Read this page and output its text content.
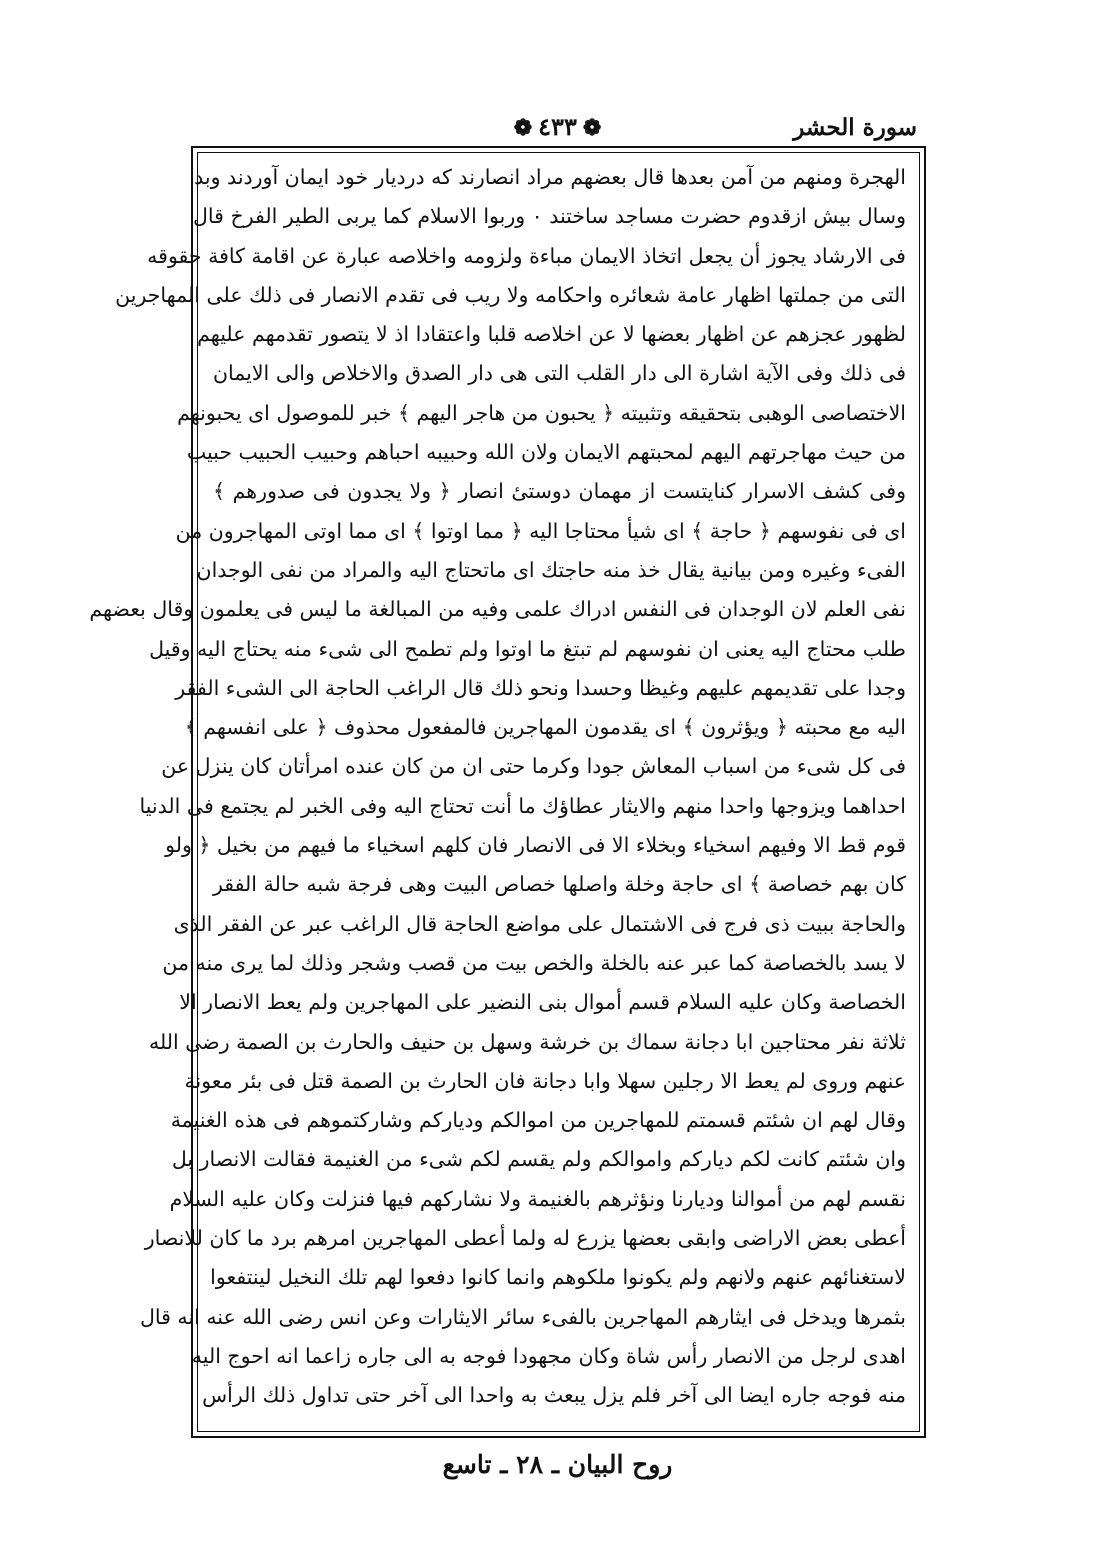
❁٤٣٣❁	سورة الحشر
الهجرة ومنهم من آمن بعدها قال بعضهم مراد انصارند كه درديار خود ايمان آوردند وبد
وسال بيش ازقدوم حضرت مساجد ساختند ٠ وربوا الاسلام كما يربى الطير الفرخ قال
فى الارشاد يجوز أن يجعل اتخاذ الايمان مباءة ولزومه واخلاصه عبارة عن اقامة كافة حقوقه
التى من جملتها اظهار عامة شعائره واحكامه ولا ريب فى تقدم الانصار فى ذلك على المهاجرين
لظهور عجزهم عن اظهار بعضها لا عن اخلاصه قلبا واعتقادا اذ لا يتصور تقدمهم عليهم
فى ذلك وفى الآية اشارة الى دار القلب التى هى دار الصدق والاخلاص والى الايمان
الاختصاصى الوهبى بتحقيقه وتثبيته ﴿ يحبون من هاجر اليهم ﴾ خبر للموصول اى يحبونهم
من حيث مهاجرتهم اليهم لمحبتهم الايمان ولان الله وحبيبه احباهم وحبيب الحبيب حبيب
وفى كشف الاسرار كنايتست از مهمان دوستىٔ انصار ﴿ ولا يجدون فى صدورهم ﴾
اى فى نفوسهم ﴿ حاجة ﴾ اى شيأ محتاجا اليه ﴿ مما اوتوا ﴾ اى مما اوتى المهاجرون من
الفىء وغيره ومن بيانية يقال خذ منه حاجتك اى ماتحتاج اليه والمراد من نفى الوجدان
نفى العلم لان الوجدان فى النفس ادراك علمى وفيه من المبالغة ما ليس فى يعلمون وقال بعضهم
طلب محتاج اليه يعنى ان نفوسهم لم تبتغ ما اوتوا ولم تطمح الى شىء منه يحتاج اليه وقيل
وجدا على تقديمهم عليهم وغيظا وحسدا ونحو ذلك قال الراغب الحاجة الى الشىء الفقر
اليه مع محبته ﴿ ويؤثرون ﴾ اى يقدمون المهاجرين فالمفعول محذوف ﴿ على انفسهم ﴾
فى كل شىء من اسباب المعاش جودا وكرما حتى ان من كان عنده امرأتان كان ينزل عن
احداهما ويزوجها واحدا منهم والايثار عطاؤك ما أنت تحتاج اليه وفى الخبر لم يجتمع فى الدنيا
قوم قط الا وفيهم اسخياء وبخلاء الا فى الانصار فان كلهم اسخياء ما فيهم من بخيل ﴿ ولو
كان بهم خصاصة ﴾ اى حاجة وخلة واصلها خصاص البيت وهى فرجة شبه حالة الفقر
والحاجة ببيت ذى فرج فى الاشتمال على مواضع الحاجة قال الراغب عبر عن الفقر الذى
لا يسد بالخصاصة كما عبر عنه بالخلة والخص بيت من قصب وشجر وذلك لما يرى منه من
الخصاصة وكان عليه السلام قسم أموال بنى النضير على المهاجرين ولم يعط الانصار الا
ثلاثة نفر محتاجين ابا دجانة سماك بن خرشة وسهل بن حنيف والحارث بن الصمة رضى الله
عنهم وروى لم يعط الا رجلين سهلا وابا دجانة فان الحارث بن الصمة قتل فى بئر معونة
وقال لهم ان شئتم قسمتم للمهاجرين من اموالكم ودياركم وشاركتموهم فى هذه الغنيمة
وان شئتم كانت لكم دياركم واموالكم ولم يقسم لكم شىء من الغنيمة فقالت الانصار بل
نقسم لهم من أموالنا وديارنا ونؤثرهم بالغنيمة ولا نشاركهم فيها فنزلت وكان عليه السلام
أعطى بعض الاراضى وابقى بعضها يزرع له ولما أعطى المهاجرين امرهم برد ما كان للانصار
لاستغنائهم عنهم ولانهم ولم يكونوا ملكوهم وانما كانوا دفعوا لهم تلك النخيل لينتفعوا
بثمرها ويدخل فى ايثارهم المهاجرين بالفىء سائر الايثارات وعن انس رضى الله عنه انه قال
اهدى لرجل من الانصار رأس شاة وكان مجهودا فوجه به الى جاره زاعما انه احوج اليه
منه فوجه جاره ايضا الى آخر فلم يزل يبعث به واحدا الى آخر حتى تداول ذلك الرأس
روح البيان ـ ٢٨ ـ تاسع
